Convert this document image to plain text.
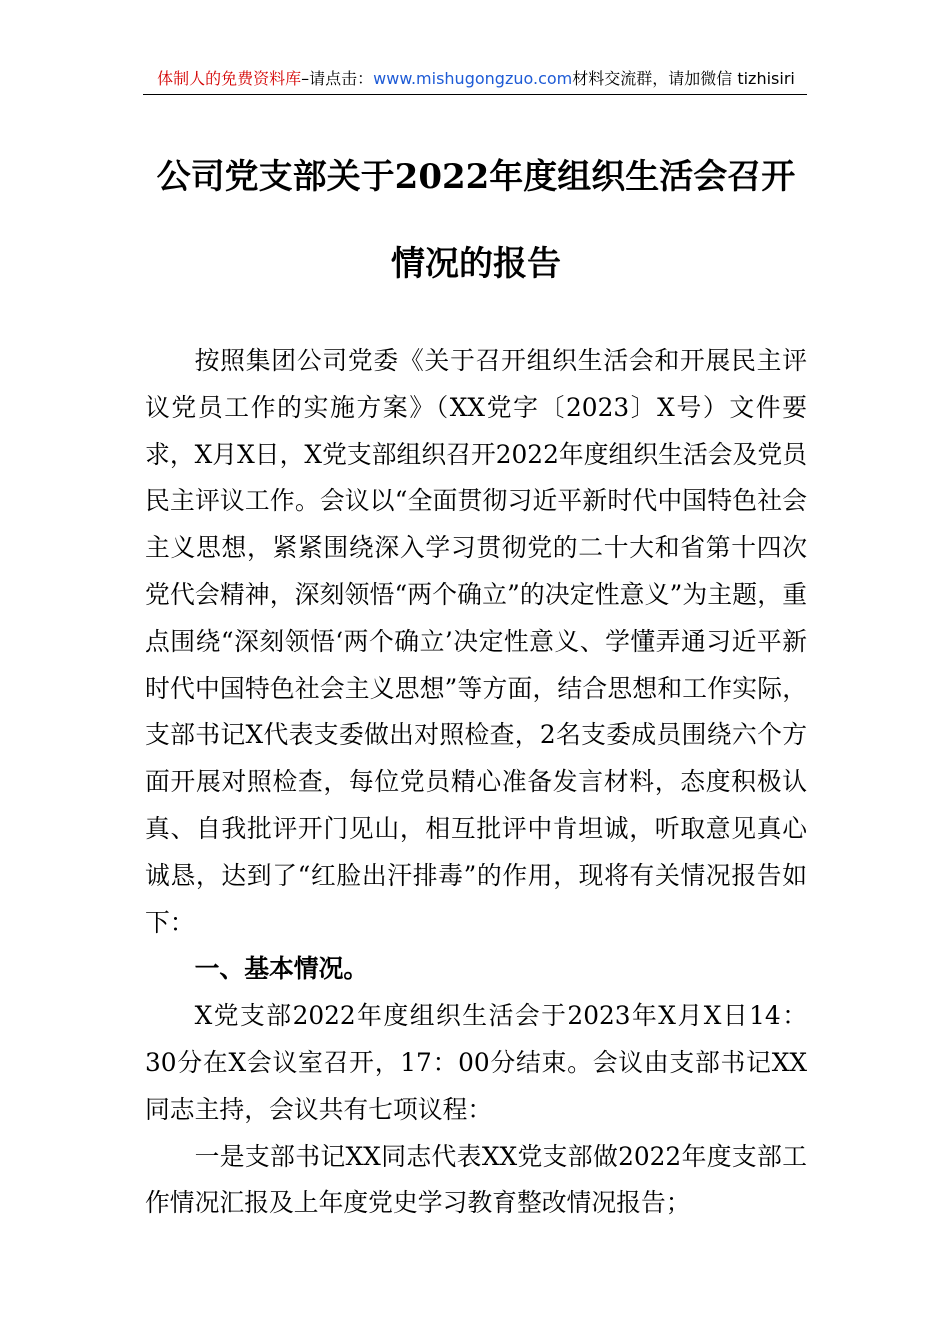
体制人的免费资料库–请点击：www.mishugongzuo.com材料交流群，请加微信 tizhisiri
公司党支部关于2022年度组织生活会召开
情况的报告

按照集团公司党委《关于召开组织生活会和开展民主评议党员工作的实施方案》（XX党字〔2023〕X号）文件要求，X月X日，X党支部组织召开2022年度组织生活会及党员民主评议工作。会议以“全面贯彻习近平新时代中国特色社会主义思想，紧紧围绕深入学习贯彻党的二十大和省第十四次党代会精神，深刻领悟“两个确立”的决定性意义”为主题，重点围绕“深刻领悟‘两个确立’决定性意义、学懂弄通习近平新时代中国特色社会主义思想”等方面，结合思想和工作实际，支部书记X代表支委做出对照检查，2名支委成员围绕六个方面开展对照检查，每位党员精心准备发言材料，态度积极认真、自我批评开门见山，相互批评中肯坦诚，听取意见真心诚恳，达到了“红脸出汗排毒”的作用，现将有关情况报告如下：

一、基本情况。

X党支部2022年度组织生活会于2023年X月X日14：30分在X会议室召开，17：00分结束。会议由支部书记XX同志主持，会议共有七项议程：

一是支部书记XX同志代表XX党支部做2022年度支部工作情况汇报及上年度党史学习教育整改情况报告；
